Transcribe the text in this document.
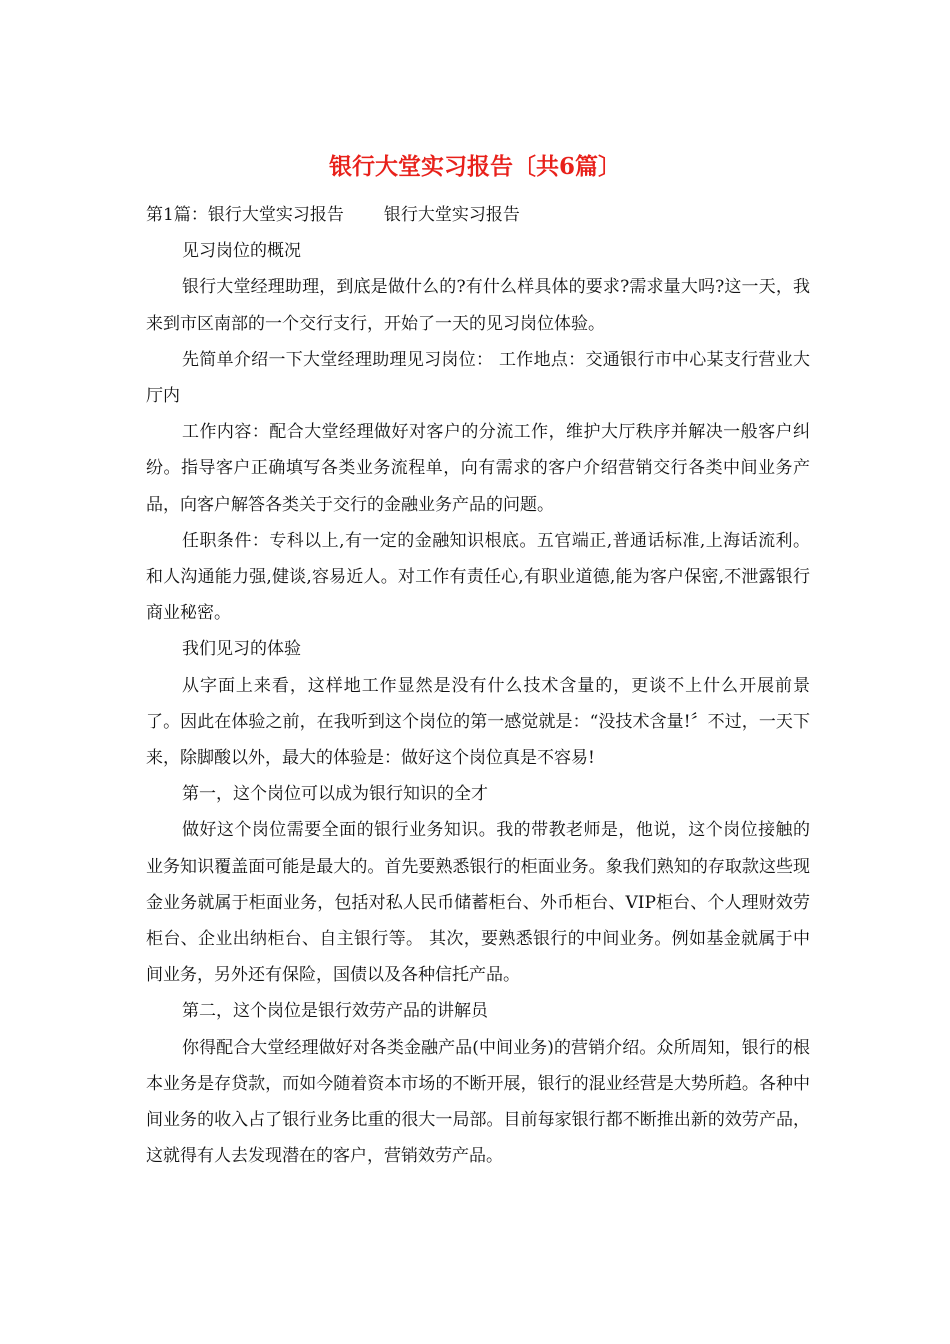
银行大堂实习报告〔共6篇〕

第1篇：银行大堂实习报告 银行大堂实习报告

见习岗位的概况

银行大堂经理助理，到底是做什么的?有什么样具体的要求?需求量大吗?这一天，我来到市区南部的一个交行支行，开始了一天的见习岗位体验。

先简单介绍一下大堂经理助理见习岗位： 工作地点：交通银行市中心某支行营业大厅内

工作内容：配合大堂经理做好对客户的分流工作，维护大厅秩序并解决一般客户纠纷。指导客户正确填写各类业务流程单，向有需求的客户介绍营销交行各类中间业务产品，向客户解答各类关于交行的金融业务产品的问题。

任职条件：专科以上,有一定的金融知识根底。五官端正,普通话标准,上海话流利。和人沟通能力强,健谈,容易近人。对工作有责任心,有职业道德,能为客户保密,不泄露银行商业秘密。

我们见习的体验

从字面上来看，这样地工作显然是没有什么技术含量的，更谈不上什么开展前景了。因此在体验之前，在我听到这个岗位的第一感觉就是：“没技术含量!〞不过，一天下来，除脚酸以外，最大的体验是：做好这个岗位真是不容易!

第一，这个岗位可以成为银行知识的全才

做好这个岗位需要全面的银行业务知识。我的带教老师是，他说，这个岗位接触的业务知识覆盖面可能是最大的。首先要熟悉银行的柜面业务。象我们熟知的存取款这些现金业务就属于柜面业务，包括对私人民币储蓄柜台、外币柜台、VIP柜台、个人理财效劳柜台、企业出纳柜台、自主银行等。 其次，要熟悉银行的中间业务。例如基金就属于中间业务，另外还有保险，国债以及各种信托产品。

第二，这个岗位是银行效劳产品的讲解员

你得配合大堂经理做好对各类金融产品(中间业务)的营销介绍。众所周知，银行的根本业务是存贷款，而如今随着资本市场的不断开展，银行的混业经营是大势所趋。各种中间业务的收入占了银行业务比重的很大一局部。目前每家银行都不断推出新的效劳产品，这就得有人去发现潜在的客户，营销效劳产品。
